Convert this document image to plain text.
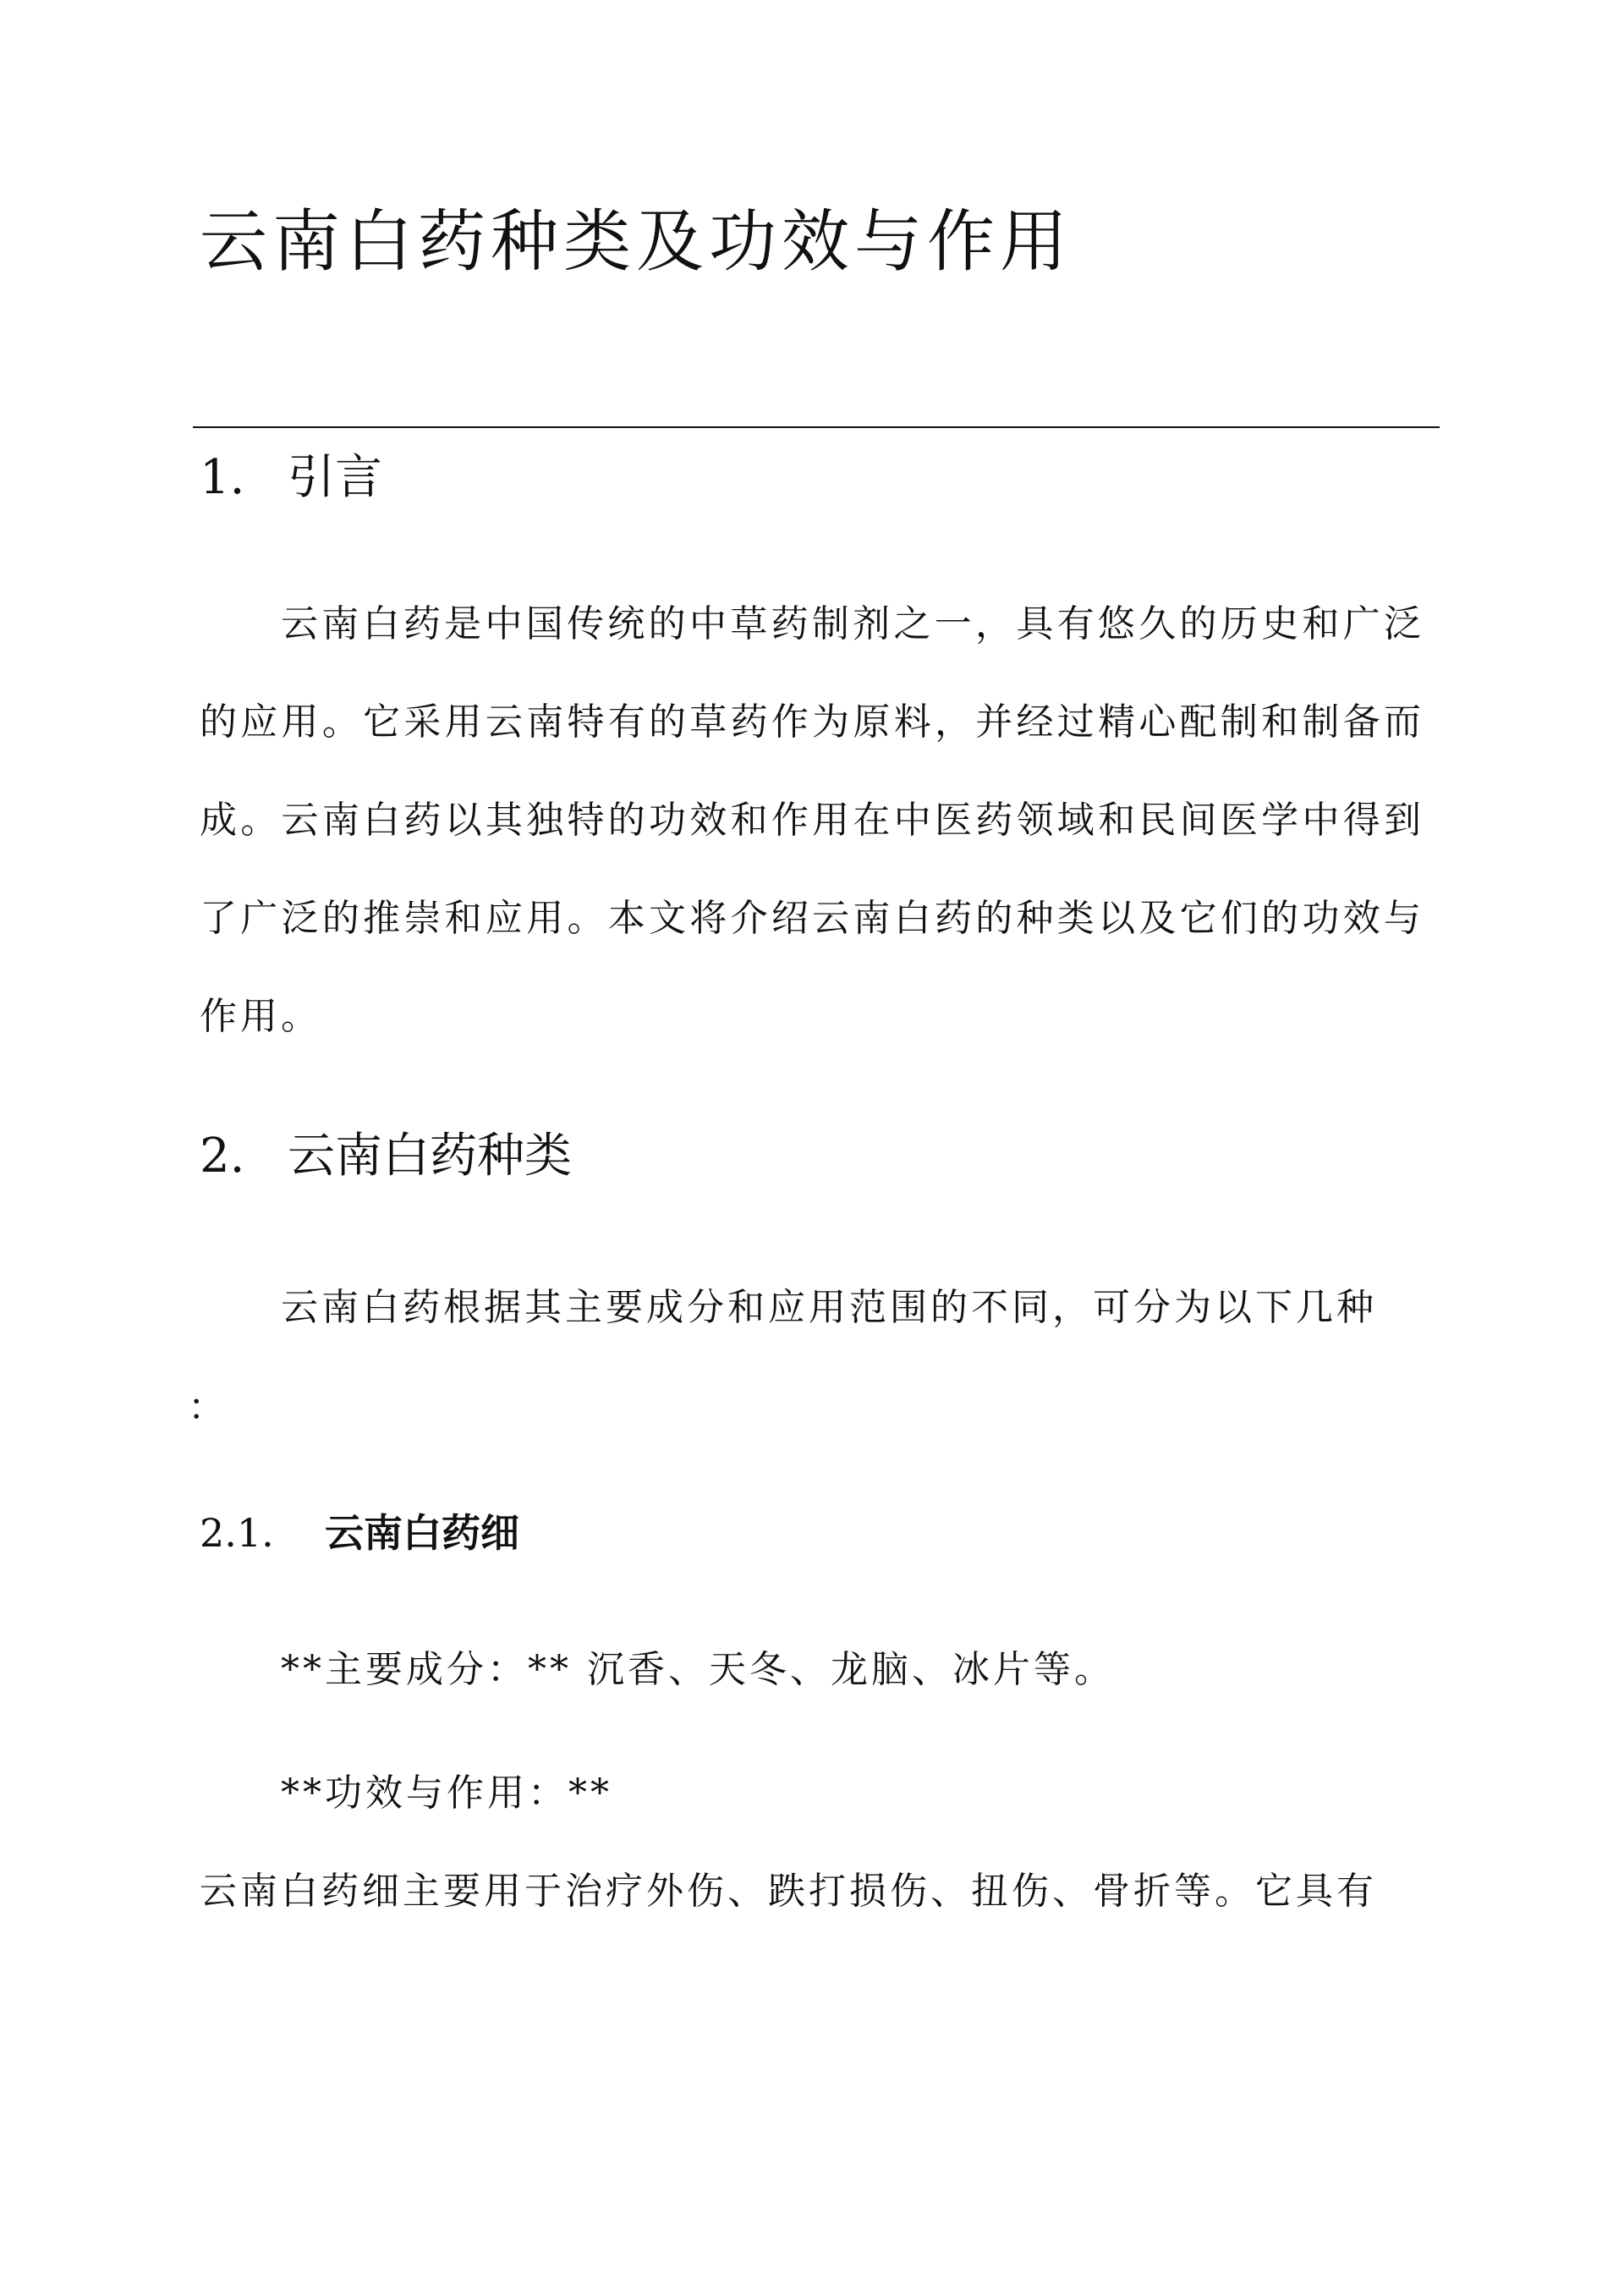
云南白药种类及功效与作用
1. 引言

云南白药是中国传统的中草药制剂之一，具有悠久的历史和广泛的应用。它采用云南特有的草药作为原料，并经过精心配制和制备而成。云南白药以其独特的功效和作用在中医药领域和民间医学中得到了广泛的推崇和应用。本文将介绍云南白药的种类以及它们的功效与作用。

2. 云南白药种类

云南白药根据其主要成分和应用范围的不同，可分为以下几种

：

2.1. 云南白药细

**主要成分：** 沉香、天冬、龙脑、冰片等。

**功效与作用：**

云南白药细主要用于治疗外伤、跌打损伤、扭伤、骨折等。它具有
